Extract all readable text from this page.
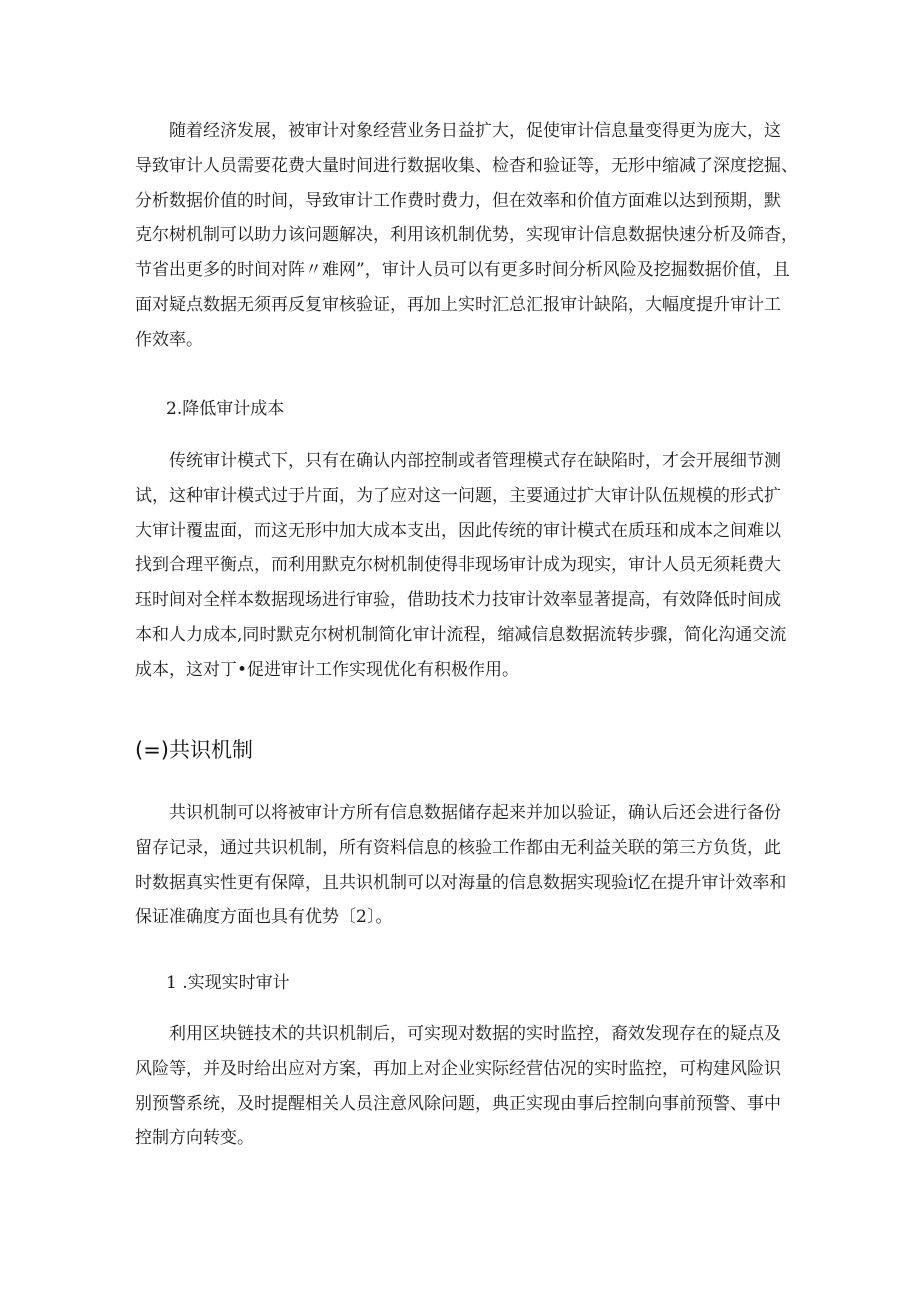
随着经济发展，被审计对象经营业务日益扩大，促使审计信息量变得更为庞大，这
导致审计人员需要花费大量时间进行数据收集、检杳和验证等，无形中缩减了深度挖掘、
分析数据价值的时间，导致审计工作费时费力，但在效率和价值方面难以达到预期，默
克尔树机制可以助力该问题解决，利用该机制优势，实现审计信息数据快速分析及筛杳，
节省出更多的时间对阵〃难网”，审计人员可以有更多时间分析风险及挖掘数据价值，且
面对疑点数据无须再反复审核验证，再加上实时汇总汇报审计缺陷，大幅度提升审计工
作效率。

2.降低审计成本

传统审计模式下，只有在确认内部控制或者管理模式存在缺陷时，才会开展细节测
试，这种审计模式过于片面，为了应对这一问题，主要通过扩大审计队伍规模的形式扩
大审计覆盅面，而这无形中加大成本支出，因此传统的审计模式在质珏和成本之间难以
找到合理平衡点，而利用默克尔树机制使得非现场审计成为现实，审计人员无须耗费大
珏时间对全样本数据现场进行审验，借助技术力技审计效率显著提高，有效降低时间成
本和人力成本,同时默克尔树机制简化审计流程，缩减信息数据流转步骤，简化沟通交流
成本，这对丁•促进审计工作实现优化有积极作用。

(=)共识机制

共识机制可以将被审计方所有信息数据储存起来并加以验证，确认后还会进行备份
留存记录，通过共识机制，所有资料信息的核验工作都由无利益关联的第三方负货，此
时数据真实性更有保障，且共识机制可以对海量的信息数据实现验i忆在提升审计效率和
保证准确度方面也具有优势〔2〕。

1 .实现实时审计

利用区块链技术的共识机制后，可实现对数据的实时监控，裔效发现存在的疑点及
风险等，并及时给出应对方案，再加上对企业实际经营估况的实时监控，可构建风险识
别预警系统，及时提醒相关人员注意风除问题，典正实现由事后控制向事前预警、事中
控制方向转变。
